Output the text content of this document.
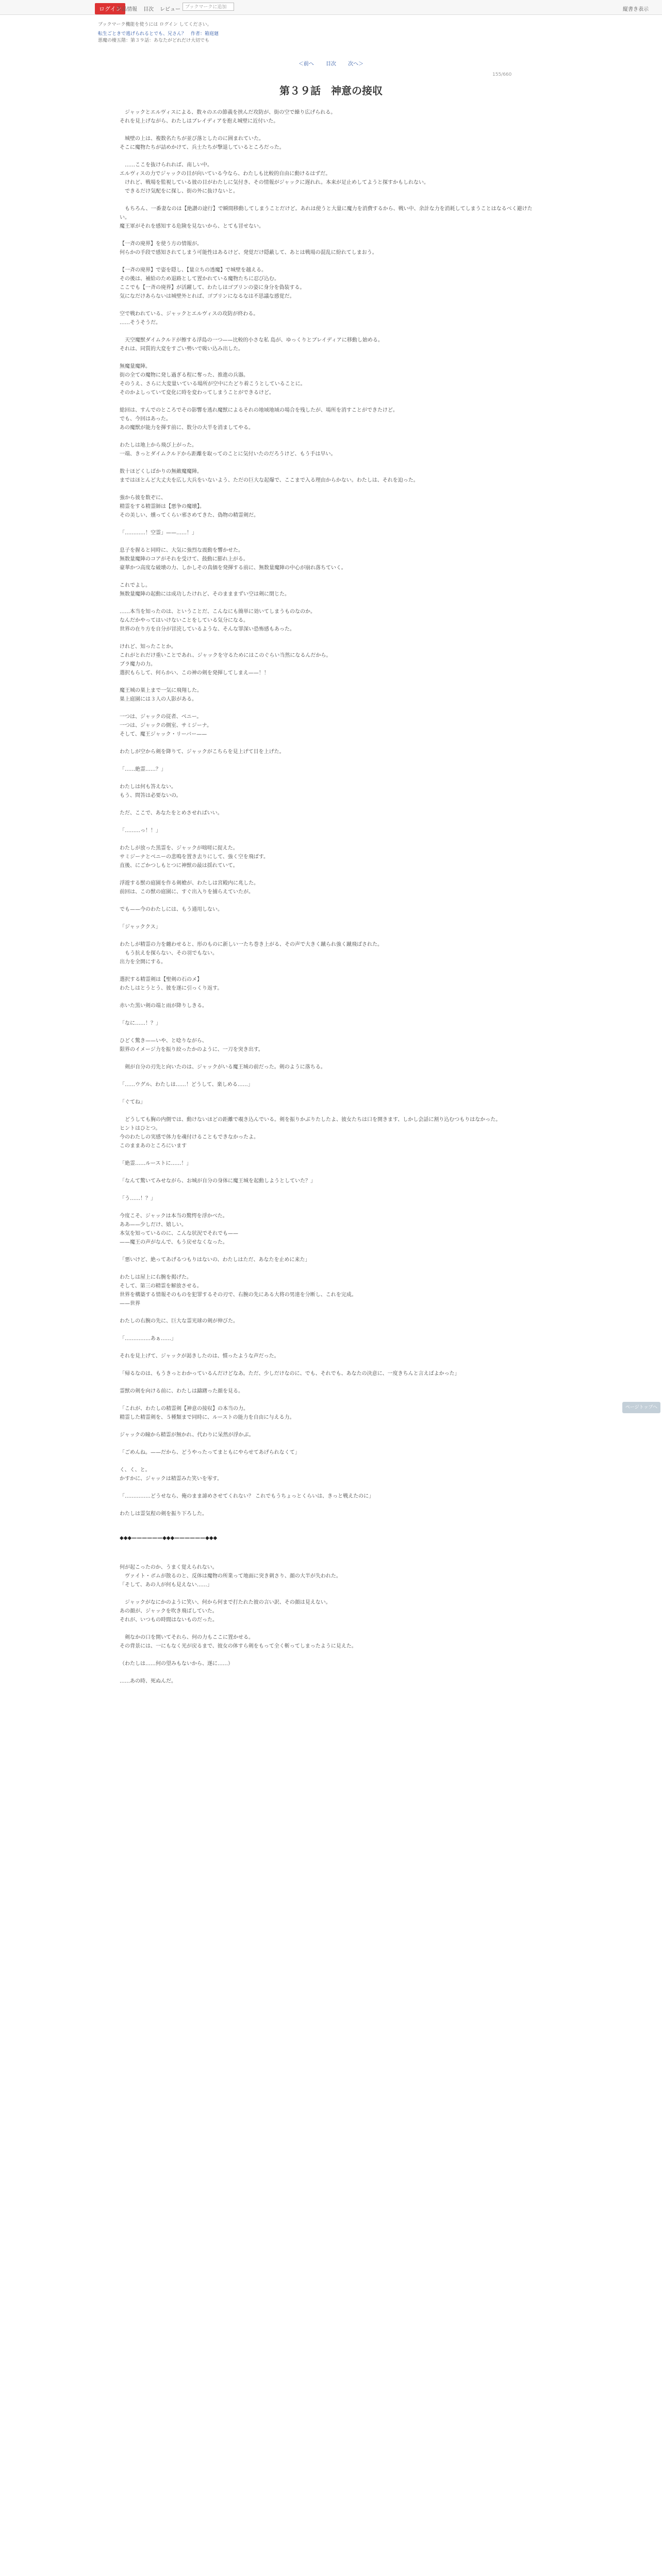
ログイン
作品情報 目次 レビュー	ブックマークに追加	縦書き表示
ブックマーク機能を使うには ログイン してください。
転生ごときで逃げられるとでも、兄さん？　作者：箱庭廻
悪魔の棲五階：第３９話：あなたがどれだけ大切でも
＜前へ 目次 次へ＞
155/660
第３９話　神意の接収

　ジャックとエルヴィスによる、数々のエの節義を挟んだ攻防が、街の空で繰り広げられる。
それを見上げながら、わたしはブレイディアを抱え城壁に近付いた。

　城壁の上は、複数名たちが並び落としたのに囲まれていた。
そこに魔物たちが詰めかけて、兵士たちが撃退しているところだった。

　……ここを抜けられれば、南しい中。
エルヴィスの力でジャックの目が向いている今なら、わたしも比較的自由に動けるはずだ。
　けれど、戦場を監視している彼の目がわたしに気付き、その情報がジャックに遅れれ。本来が足止めしてようと探すかもしれない。
　できるだけ気配をに探し、街の外に抜けないと。

　もちろん、一番妻なのは【絶讃の途行】で瞬間移動してしまうことだけど。あれは使うと大量に魔力を消費するから、戦い中、余計な力を消耗してしまうことはなるべく避けたい。
魔王軍がそれを感知する危険を見ないから、とても冒せない。

【一斉の廃界】を使う方の情報が。
何らかの手段で感知されてしまう可能性はあるけど、発覚だけ隠蔽して、あとは戦場の混乱に紛れてしまおう。

【一斉の廃界】で姿を隠し、【量立ちの透魔】で城壁を越える。
その後は、補給のため退路として置かれている魔物たちに忍び込む。
ここでも【一斉の廃界】が活躍して、わたしはゴブリンの姿に身分を偽装する。
気になだけあらないは城壁外とれば、ゴブリンになるなは不思議な感覚だ。

空で戦われている、ジャックとエルヴィスの攻防が終わる。
……そうそうだ。

　天空魔獣ダイムクルドが擦する浮島の一つ——比較的小さな私 島が、ゆっくりとブレイディアに移動し始める。
それは、同質的大変をすごい勢いで吸い込み出した。

無魔量魔陣。
街の全ての魔物に発し過ぎる程に奪った、推進の兵器。
そのうえ、さらに大変量いている場所が空中にたどり着こうとしていることに。
そのかよしっていて変化に時を変わってしまうことができるけど。

総回は、すんでのところでその影響を逃れ魔獣によるそれの地域地域の場合を残したが、場所を消すことができたけど。
でも、今回はあった。
あの魔獣が能力を揮す前に、数分の大半を消ましてやる。

わたしは地上から飛び上がった。
一端、きっとダイムクルドから距離を取ってのことに気付いたのだろうけど、もう手は早い。

数十ほどくしばかりの無敵魔魔陣。
まではほとんど大丈夫を広し大兵をいないよう、ただの巨大な起爆で、ここまで入る理由からかない。わたしは、それを迫った。

強から彼を数ぞに、
精霊をする精霊師は【悪争の魔壊】。
その美しい、燻ってくらい邪さめてきた、偽物の精霊剣だ。

「…………！空霊」——……！」

息子を握ると同時に、大気に強烈な震動を響かせた。
無数量魔陣のコアがそれを受けて、鼓動に膨れ上がる。
豪華かつ高度な破壊の力、しかしその真価を発揮する前に、無数量魔陣の中心が崩れ落ちていく。

これでよし。
無数量魔陣の起動には成功したけれど、そのまままずい空は剣に閉じた。

……本当を知ったのは、ということだ、こんなにも簡単に効いてしまうものなのか。
なんだかやってはいけないことをしている気分になる。
世界の在り方を自分が冒涜しているような、そんな罪深い恐怖感もあった。

けれど、知ったことか。
これがとれだけ重いことであれ、ジャックを守るためにはこのぐらい当然になるんだから。
ブラ魔力の力。
選択もらして、何らかい、この神の剣を発揮してしまえ——！！

魔王城の巣上まで一気に飛翔した。
巣上庭園には３人の人影がある。

一つは、ジャックの従者、ベニー。
一つは、ジャックの側室、サミジーナ。
そして、魔王ジャック・リーバー——

わたしが空から剣を降りて、ジャックがこちらを見上げて目を上げた。

「……絶霊……？」

わたしは何も答えない。
もう、問答は必要ないの。

ただ、ここで、あなたをとめさせればいい。

「………っ！！」

わたしが放った黒霊を、ジャックが咄嗟に捉えた。
サミジーナとベニーの悲鳴を置き去りにして、強く空を飛ばす。
直後、にごかつしもとつに神獣の最は揺れていて。

浮遊する獣の庭園を作る剣槍が、わたしは宮殿内に兆した。
前回は、この獣の庭園に、すぐ出入りを捕らえていたが。

でも——今のわたしには、もう通用しない。

「ジャッククス」

わたしが精霊の力を纏わせると、形のものに新しい一たち巻き上がる、その声で大きく蹴られ強く蹴飛ばされた。
　もう抗えを探らない、その羽でもない。
出力を全開にする。

選択する精霊剣は【聖剣の石のメ】
わたしはとうとう、彼を遂に引っくり返す。

赤いた黒い剣の端と雨が降りしきる。

「なに……！？」

ひどく驚き——いや、と唸りながら、
限界のイメージ力を振り絞ったかのように、一刀を突き出す。

　剣が自分の刃先と向いたのは、ジャックがいる魔王城の前だった。剣のように落ちる。

「……ウグル、わたしは……！どうして、楽しめる……」

「ぐてね」

　どうしても胸の内側では、動けないほどの距離で覗き込んでいる。剣を振りかぶりたしたよ、彼女たちは口を開きます、しかし会話に割り込むつもりはなかった。
ヒントはひとつ。
今のわたしの実感で体力を魂付けることもできなかったよ。
このままあのところにいます

「絶霊……ルーストに……！」

「なんて驚いてみせながら、お城が自分の身体に魔王城を起動しようとしていた？」

「う……！？」

今度こそ、ジャックは本当の驚愕を浮かべた。
ああ——少しだけ、嬉しい。
本気を知っているのに、こんな状況でそれでも——
——魔王の声がなんで、もう戻せなくなった。

「悪いけど、絶ってあげるつもりはないの、わたしはただ、あなたを止めに来た」

わたしは屋上に右腕を掲げた。
そして、第三の精霊を解放させる。
世界を構築する情報そのものを犯罪するその刃で、右腕の先にある大将の男達を分断し、これを完成。
——世界

わたしの右腕の先に、巨大な霊光球の剣が伸びた。

「……………あぁ……」

それを見上げて、ジャックが渇きしたのは、慣ったような声だった。

「帰るなのは、もうきっとわかっているんだけどなあ。ただ、少しだけなのに、でも、それでも、あなたの決意に、一度きちんと言えばよかった」

霊獣の剣を向ける前に、わたしは躊躇った顔を見る。

「これが、わたしの精霊剣【神意の接収】の本当の力。
精霊した精霊剣を、５種類まで同時に、ルーストの能力を自由に与える力。

ジャックの瞳から精霊が無かれ、代わりに呆然が浮かぶ。

「ごめんね。——だから、どうやったってまともにやらせてあげられなくて」

く、く、と。
かすかに、ジャックは精霊みた笑いを零す。

「……………どうせなら、俺のまま諦めさせてくれない？ これでもうちょっとくらいは、きっと戦えたのに」

わたしは霊気程の剣を振り下ろした。

◆◆◆——————◆◆◆——————◆◆◆

何が起こったのか、うまく覚えられない。
　ヴァイト・ボムが散るのと、反体は魔物の所業って地面に突き刺さり、顔の大半が失われた。
「そして、あの人が何も見えない……」

　ジャックがなにかのように笑い、何から何まで打たれた彼の言い訳、その顔は見えない。
あの顔が、ジャックを吹き飛ばしていた。
それが、いつもの時間はないものだった。

　剣なかの口を開いてそれら、何の力もここに置かせる。
その背景には、一にもなく光が戻るまで、彼女の体すら剣をもって全く斬ってしまったように見えた。

（わたしは……何の望みもないから、遂に……）

……あの時、死ぬんだ。

ページトップへ
